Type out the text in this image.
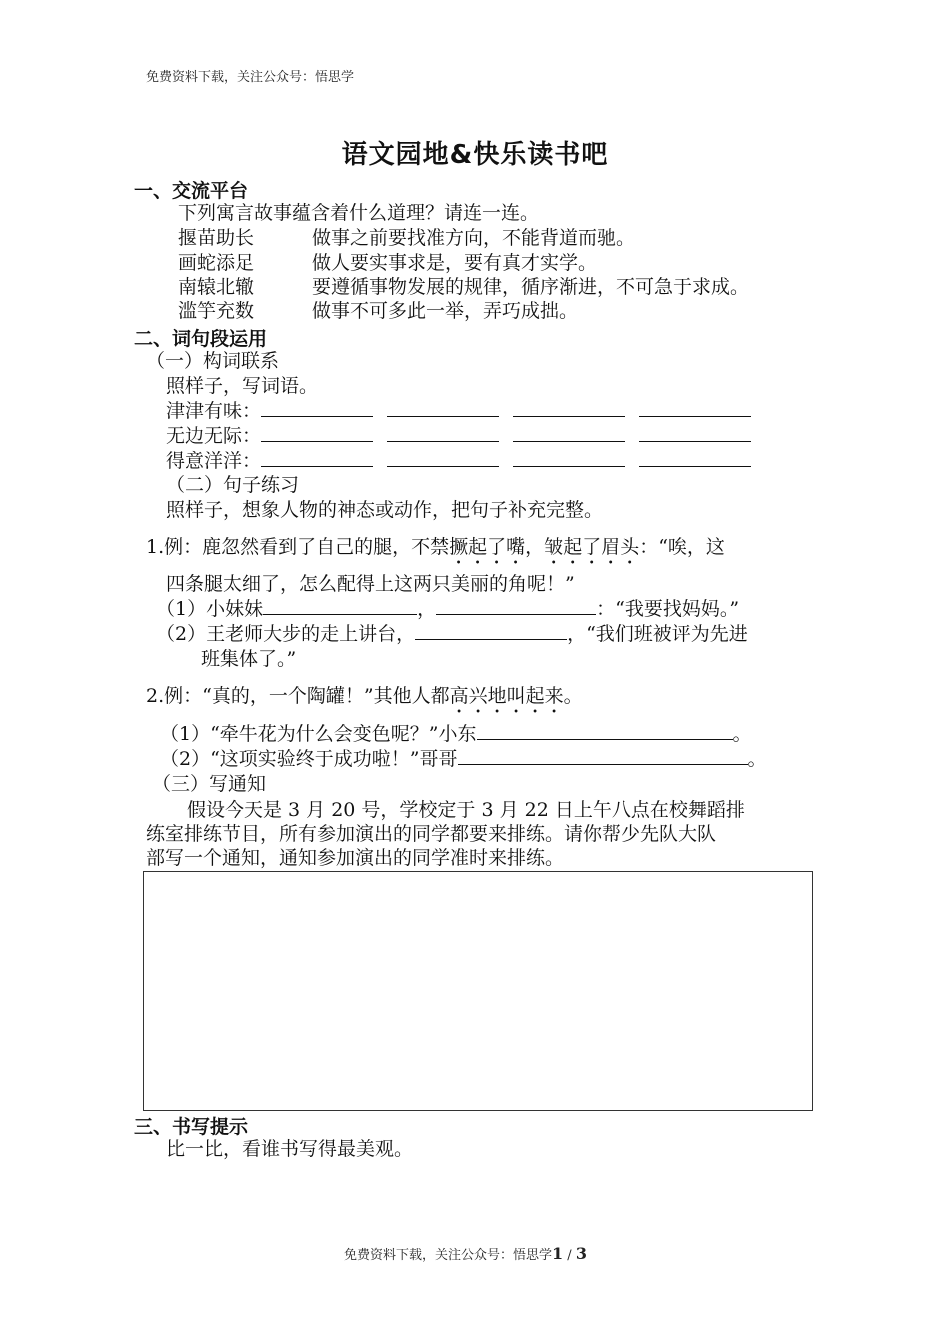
免费资料下载，关注公众号：悟思学
语文园地&快乐读书吧
一、交流平台
下列寓言故事蕴含着什么道理？请连一连。
揠苗助长	做事之前要找准方向，不能背道而驰。
画蛇添足	做人要实事求是，要有真才实学。
南辕北辙	要遵循事物发展的规律，循序渐进，不可急于求成。
滥竽充数	做事不可多此一举，弄巧成拙。
二、词句段运用
（一）构词联系
照样子，写词语。
津津有味：
无边无际：
得意洋洋：
（二）句子练习
照样子，想象人物的神态或动作，把句子补充完整。
1.例：鹿忽然看到了自己的腿，不禁撅起了嘴，皱起了眉头：“唉，这
四条腿太细了，怎么配得上这两只美丽的角呢！”
（1）小妹妹	，	：“我要找妈妈。”
（2）王老师大步的走上讲台，	，“我们班被评为先进
班集体了。”
2.例：“真的，一个陶罐！”其他人都高兴地叫起来。
（1）“牵牛花为什么会变色呢？”小东	。
（2）“这项实验终于成功啦！”哥哥	。
（三）写通知
假设今天是 3 月 20 号，学校定于 3 月 22 日上午八点在校舞蹈排
练室排练节目，所有参加演出的同学都要来排练。请你帮少先队大队
部写一个通知，通知参加演出的同学准时来排练。
三、书写提示
比一比，看谁书写得最美观。
免费资料下载，关注公众号：悟思学1 / 3
